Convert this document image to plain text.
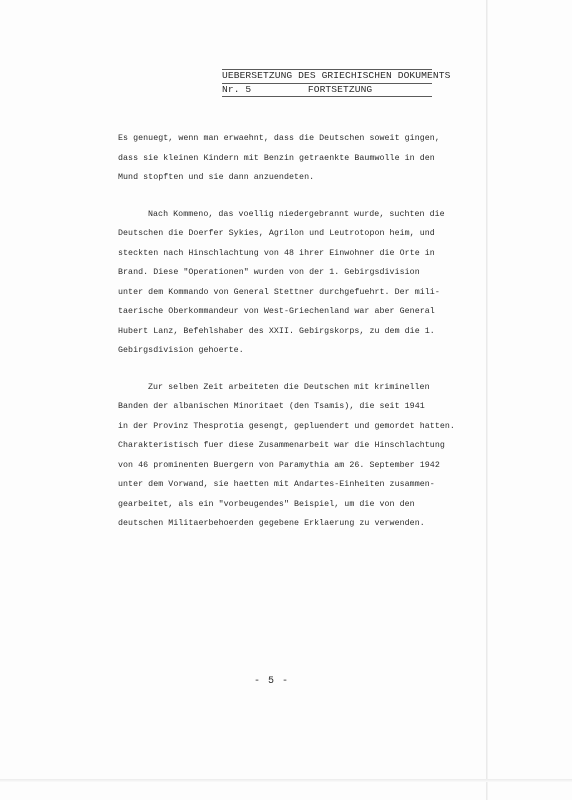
UEBERSETZUNG DES GRIECHISCHEN DOKUMENTS
Nr. 5	FORTSETZUNG
Es genuegt, wenn man erwaehnt, dass die Deutschen soweit gingen,
dass sie kleinen Kindern mit Benzin getraenkte Baumwolle in den
Mund stopften und sie dann anzuendeten.
Nach Kommeno, das voellig niedergebrannt wurde, suchten die
Deutschen die Doerfer Sykies, Agrilon und Leutrotopon heim, und
steckten nach Hinschlachtung von 48 ihrer Einwohner die Orte in
Brand. Diese "Operationen" wurden von der 1. Gebirgsdivision
unter dem Kommando von General Stettner durchgefuehrt. Der mili-
taerische Oberkommandeur von West-Griechenland war aber General
Hubert Lanz, Befehlshaber des XXII. Gebirgskorps, zu dem die 1.
Gebirgsdivision gehoerte.
Zur selben Zeit arbeiteten die Deutschen mit kriminellen
Banden der albanischen Minoritaet (den Tsamis), die seit 1941
in der Provinz Thesprotia gesengt, gepluendert und gemordet hatten.
Charakteristisch fuer diese Zusammenarbeit war die Hinschlachtung
von 46 prominenten Buergern von Paramythia am 26. September 1942
unter dem Vorwand, sie haetten mit Andartes-Einheiten zusammen-
gearbeitet, als ein "vorbeugendes" Beispiel, um die von den
deutschen Militaerbehoerden gegebene Erklaerung zu verwenden.
- 5 -
